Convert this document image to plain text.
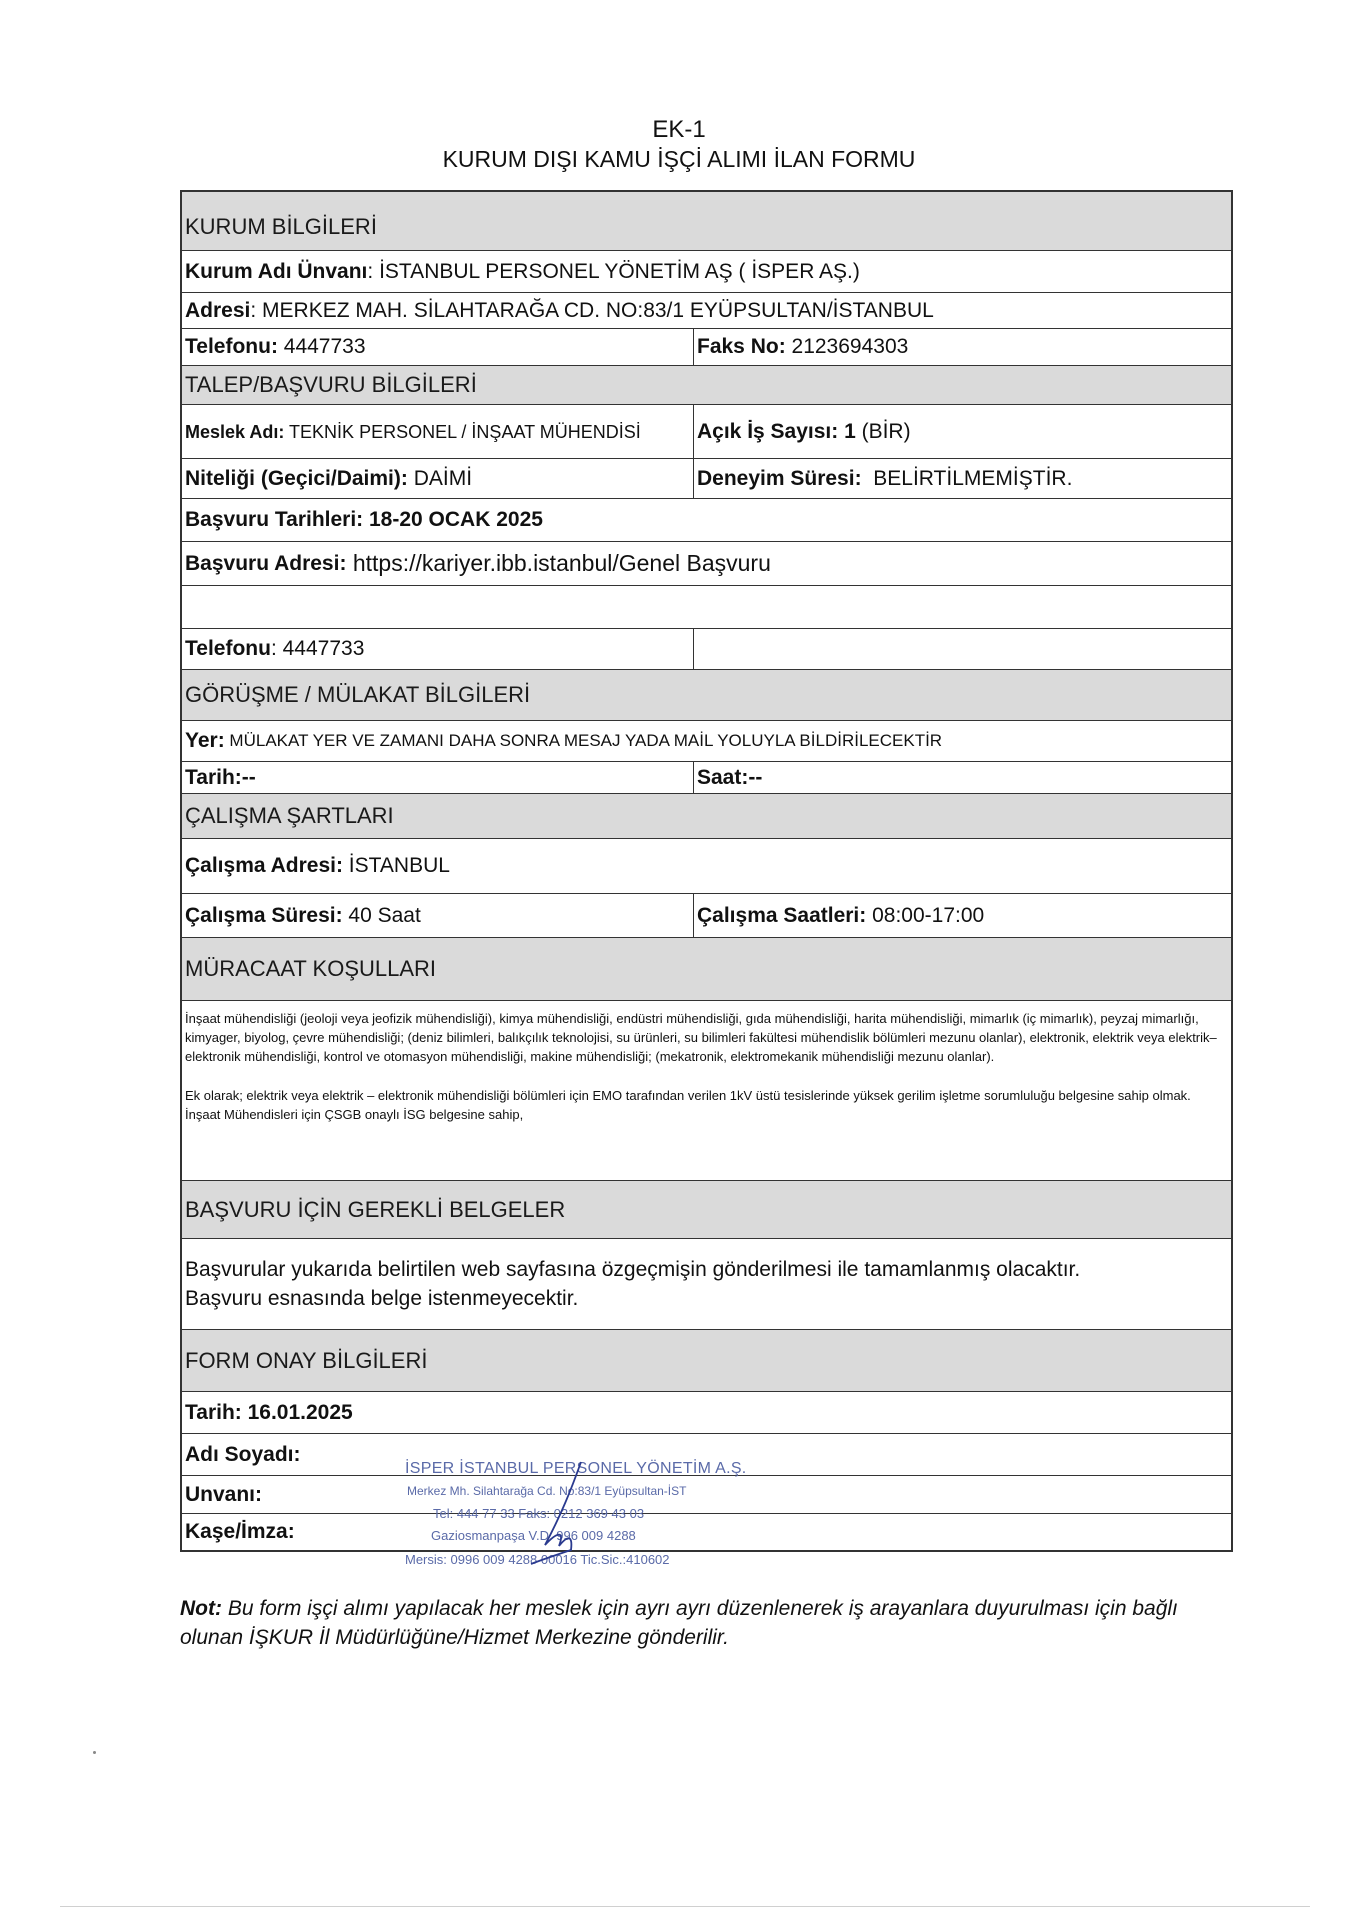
EK-1
KURUM DIŞI KAMU İŞÇİ ALIMI İLAN FORMU
KURUM BİLGİLERİ
Kurum Adı Ünvanı : İSTANBUL PERSONEL YÖNETİM AŞ ( İSPER AŞ.)
Adresi : MERKEZ MAH. SİLAHTARAĞA CD. NO:83/1 EYÜPSULTAN/İSTANBUL
Telefonu: 4447733	Faks No: 2123694303
TALEP/BAŞVURU BİLGİLERİ
Meslek Adı: TEKNİK PERSONEL / İNŞAAT MÜHENDİSİ	Açık İş Sayısı: 1 (BİR)
Niteliği (Geçici/Daimi): DAİMİ	Deneyim Süresi: BELİRTİLMEMİŞTİR.
Başvuru Tarihleri: 18-20 OCAK 2025
Başvuru Adresi: https://kariyer.ibb.istanbul/Genel Başvuru
Telefonu : 4447733
GÖRÜŞME / MÜLAKAT BİLGİLERİ
Yer: MÜLAKAT YER VE ZAMANI DAHA SONRA MESAJ YADA MAİL YOLUYLA BİLDİRİLECEKTİR
Tarih:--	Saat:--
ÇALIŞMA ŞARTLARI
Çalışma Adresi: İSTANBUL
Çalışma Süresi: 40 Saat	Çalışma Saatleri: 08:00-17:00
MÜRACAAT KOŞULLARI

İnşaat mühendisliği (jeoloji veya jeofizik mühendisliği), kimya mühendisliği, endüstri mühendisliği, gıda mühendisliği, harita mühendisliği, mimarlık (iç mimarlık), peyzaj mimarlığı, kimyager, biyolog, çevre mühendisliği; (deniz bilimleri, balıkçılık teknolojisi, su ürünleri, su bilimleri fakültesi mühendislik bölümleri mezunu olanlar), elektronik, elektrik veya elektrik–elektronik mühendisliği, kontrol ve otomasyon mühendisliği, makine mühendisliği; (mekatronik, elektromekanik mühendisliği mezunu olanlar).

Ek olarak; elektrik veya elektrik – elektronik mühendisliği bölümleri için EMO tarafından verilen 1kV üstü tesislerinde yüksek gerilim işletme sorumluluğu belgesine sahip olmak.

İnşaat Mühendisleri için ÇSGB onaylı İSG belgesine sahip,

BAŞVURU İÇİN GEREKLİ BELGELER

Başvurular yukarıda belirtilen web sayfasına özgeçmişin gönderilmesi ile tamamlanmış olacaktır.

Başvuru esnasında belge istenmeyecektir.

FORM ONAY BİLGİLERİ
Tarih: 16.01.2025
Adı Soyadı:
Unvanı:
Kaşe/İmza:
İSPER İSTANBUL PERSONEL YÖNETİM A.Ş.
Merkez Mh. Silahtarağa Cd. No:83/1 Eyüpsultan-İST
Tel: 444 77 33 Faks: 0212 369 43 03
Gaziosmanpaşa V.D. 996 009 4288
Mersis: 0996 009 4288 00016 Tic.Sic.:410602
Not: Bu form işçi alımı yapılacak her meslek için ayrı ayrı düzenlenerek iş arayanlara duyurulması için bağlı olunan İŞKUR İl Müdürlüğüne/Hizmet Merkezine gönderilir.
